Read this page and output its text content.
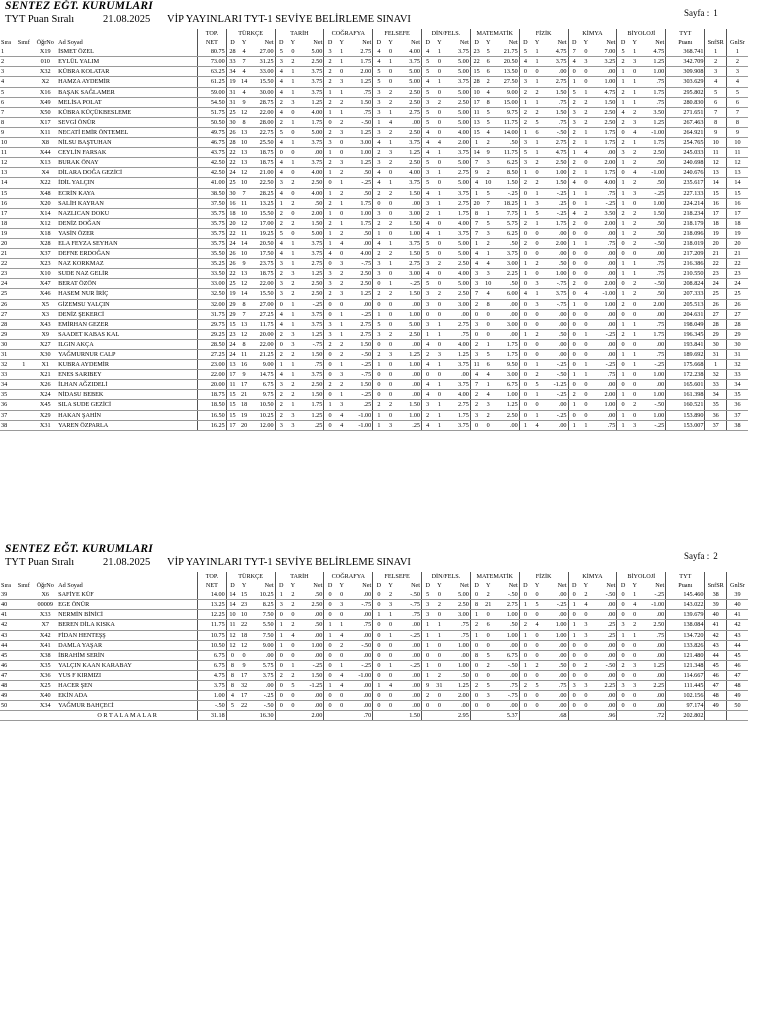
SENTEZ EĞT. KURUMLARI
TYT Puan Sıralı	21.08.2025 VİP YAYINLARI TYT-1 SEVİYE BELİRLEME SINAVI
Sayfa : 1
				TOP.	TÜRKÇE			TARİH			COĞRAFYA			FELSEFE			DİN/FELS.			MATEMATİK			FİZİK			KİMYA			BİYOLOJİ			TYT		
Sıra	Sınıf	ÖğrNo	Ad Soyad	NET	D	Y	Net	D	Y	Net	D	Y	Net	D	Y	Net	D	Y	Net	D	Y	Net	D	Y	Net	D	Y	Net	D	Y	Net	Puanı	SnfSR	GnlSr
1		X19	İSMET ÖZEL	80.75	28	4	27.00	5	0	5.00	3	1	2.75	4	0	4.00	4	1	3.75	23	5	21.75	5	1	4.75	7	0	7.00	5	1	4.75	368.741	1	1
2		010	EYLÜL YALIM	73.00	33	7	31.25	3	2	2.50	2	1	1.75	4	1	3.75	5	0	5.00	22	6	20.50	4	1	3.75	4	3	3.25	2	3	1.25	342.709	2	2
3		X32	KÜBRA KOLATAR	63.25	34	4	33.00	4	1	3.75	2	0	2.00	5	0	5.00	5	0	5.00	15	6	13.50	0	0	.00	0	0	.00	1	0	1.00	309.908	3	3
4		X2	HAMZA AYDEMİR	61.25	19	14	15.50	4	1	3.75	2	3	1.25	5	0	5.00	4	1	3.75	28	2	27.50	3	1	2.75	1	0	1.00	1	1	.75	303.629	4	4
5		X16	BAŞAK SAĞLAMER	59.00	31	4	30.00	4	1	3.75	1	1	.75	3	2	2.50	5	0	5.00	10	4	9.00	2	2	1.50	5	1	4.75	2	1	1.75	295.802	5	5
6		X49	MELİSA POLAT	54.50	31	9	28.75	2	3	1.25	2	2	1.50	3	2	2.50	3	2	2.50	17	8	15.00	1	1	.75	2	2	1.50	1	1	.75	280.830	6	6
7		X50	KÜBRA KÜÇÜKBESLEME	51.75	25	12	22.00	4	0	4.00	1	1	.75	3	1	2.75	5	0	5.00	11	5	9.75	2	2	1.50	3	2	2.50	4	2	3.50	271.651	7	7
8		X17	SEVGİ ÖNÜR	50.50	30	8	28.00	2	1	1.75	0	2	-.50	1	4	.00	5	0	5.00	13	5	11.75	2	5	.75	3	2	2.50	2	3	1.25	267.463	8	8
9		X11	NECATİ EMİR ÖNTEMEL	49.75	26	13	22.75	5	0	5.00	2	3	1.25	3	2	2.50	4	0	4.00	15	4	14.00	1	6	-.50	2	1	1.75	0	4	-1.00	264.921	9	9
10		X8	NİLSU BAŞTUHAN	46.75	28	10	25.50	4	1	3.75	3	0	3.00	4	1	3.75	4	4	2.00	1	2	.50	3	1	2.75	2	1	1.75	2	1	1.75	254.765	10	10
11		X44	CEYLİN FARSAK	43.75	22	13	18.75	0	0	.00	1	0	1.00	2	3	1.25	4	1	3.75	14	9	11.75	5	1	4.75	1	4	.00	3	2	2.50	245.033	11	11
12		X13	BURAK ÖNAY	42.50	22	13	18.75	4	1	3.75	2	3	1.25	3	2	2.50	5	0	5.00	7	3	6.25	3	2	2.50	2	0	2.00	1	2	.50	240.698	12	12
13		X4	DİLARA DOĞA GEZİCİ	42.50	24	12	21.00	4	0	4.00	1	2	.50	4	0	4.00	3	1	2.75	9	2	8.50	1	0	1.00	2	1	1.75	0	4	-1.00	240.676	13	13
14		X22	İDİL YALÇIN	41.00	25	10	22.50	3	2	2.50	0	1	-.25	4	1	3.75	5	0	5.00	4	10	1.50	2	2	1.50	4	0	4.00	1	2	.50	235.617	14	14
15		X48	ECRİN KAYA	38.50	30	7	28.25	4	0	4.00	1	2	.50	2	2	1.50	4	1	3.75	1	5	-.25	0	1	-.25	1	1	.75	1	3	-.25	227.133	15	15
16		X20	SALİH KAYRAN	37.50	16	11	13.25	1	2	.50	2	1	1.75	0	0	.00	3	1	2.75	20	7	18.25	1	3	.25	0	1	-.25	1	0	1.00	224.214	16	16
17		X14	NAZLICAN DOKU	35.75	18	10	15.50	2	0	2.00	1	0	1.00	3	0	3.00	2	1	1.75	8	1	7.75	1	5	-.25	4	2	3.50	2	2	1.50	218.234	17	17
18		X12	DENİZ DOĞAN	35.75	20	12	17.00	2	2	1.50	2	1	1.75	2	2	1.50	4	0	4.00	7	5	5.75	2	1	1.75	2	0	2.00	1	2	.50	218.179	18	18
19		X18	YASİN ÖZER	35.75	22	11	19.25	5	0	5.00	1	2	.50	1	0	1.00	4	1	3.75	7	3	6.25	0	0	.00	0	0	.00	1	2	.50	218.096	19	19
20		X28	ELA FEYZA SEYHAN	35.75	24	14	20.50	4	1	3.75	1	4	.00	4	1	3.75	5	0	5.00	1	2	.50	2	0	2.00	1	1	.75	0	2	-.50	218.019	20	20
21		X37	DEFNE ERDOĞAN	35.50	26	10	17.50	4	1	3.75	4	0	4.00	2	2	1.50	5	0	5.00	4	1	3.75	0	0	.00	0	0	.00	0	0	.00	217.209	21	21
22		X23	NAZ KORKMAZ	35.25	26	9	23.75	3	1	2.75	0	3	-.75	3	1	2.75	3	2	2.50	4	4	3.00	1	2	.50	0	0	.00	1	1	.75	216.386	22	22
23		X10	SUDE NAZ GELİR	33.50	22	13	18.75	2	3	1.25	3	2	2.50	3	0	3.00	4	0	4.00	3	3	2.25	1	0	1.00	0	0	.00	1	1	.75	210.550	23	23
24		X47	BERAT ÖZÖN	33.00	25	12	22.00	3	2	2.50	3	2	2.50	0	1	-.25	5	0	5.00	3	10	.50	0	3	-.75	2	0	2.00	0	2	-.50	208.824	24	24
25		X46	HASEM NUR İRİÇ	32.50	19	14	15.50	3	2	2.50	2	3	1.25	2	2	1.50	3	2	2.50	7	4	6.00	4	1	3.75	0	4	-1.00	1	2	.50	207.333	25	25
26		X5	GİZEMSU YALÇIN	32.00	29	8	27.00	0	1	-.25	0	0	.00	0	0	.00	3	0	3.00	2	8	.00	0	3	-.75	1	0	1.00	2	0	2.00	205.513	26	26
27		X3	DENİZ ŞEKERCİ	31.75	29	7	27.25	4	1	3.75	0	1	-.25	1	0	1.00	0	0	.00	0	0	.00	0	0	.00	0	0	.00	0	0	.00	204.631	27	27
28		X43	EMİRHAN GEZER	29.75	15	13	11.75	4	1	3.75	3	1	2.75	5	0	5.00	3	1	2.75	3	0	3.00	0	0	.00	0	0	.00	1	1	.75	198.049	28	28
29		X9	SAADET KABAS KAL	29.25	23	12	20.00	2	3	1.25	3	1	2.75	3	2	2.50	1	1	.75	0	0	.00	1	2	.50	0	1	-.25	2	1	1.75	196.345	29	29
30		X27	ILGIN AKÇA	28.50	24	8	22.00	0	3	-.75	2	2	1.50	0	0	.00	4	0	4.00	2	1	1.75	0	0	.00	0	0	.00	0	0	.00	193.841	30	30
31		X30	YAĞMURNUR CALP	27.25	24	11	21.25	2	2	1.50	0	2	-.50	2	3	1.25	2	3	1.25	3	5	1.75	0	0	.00	0	0	.00	1	1	.75	189.692	31	31
32	1	X1	KUBRA AYDEMİR	23.00	13	16	9.00	1	1	.75	0	1	-.25	1	0	1.00	4	1	3.75	11	6	9.50	0	1	-.25	0	1	-.25	0	1	-.25	175.668	1	32
33		X21	ENES SARIBEY	22.00	17	9	14.75	4	1	3.75	0	3	-.75	0	0	.00	0	0	.00	4	4	3.00	0	2	-.50	1	1	.75	1	0	1.00	172.238	32	33
34		X26	İLHAN AĞZIDELİ	20.00	11	17	6.75	3	2	2.50	2	2	1.50	0	0	.00	4	1	3.75	7	1	6.75	0	5	-1.25	0	0	.00	0	0	.00	165.601	33	34
35		X24	NİDASU BEBEK	18.75	15	21	9.75	2	2	1.50	0	1	-.25	0	0	.00	4	0	4.00	2	4	1.00	0	1	-.25	2	0	2.00	1	0	1.00	161.398	34	35
36		X45	SILA SUDE GEZİCİ	18.50	15	18	10.50	2	1	1.75	1	3	.25	2	2	1.50	3	1	2.75	2	3	1.25	0	0	.00	1	0	1.00	0	2	-.50	160.521	35	36
37		X29	HAKAN ŞAHİN	16.50	15	19	10.25	2	3	1.25	0	4	-1.00	1	0	1.00	2	1	1.75	3	2	2.50	0	1	-.25	0	0	.00	1	0	1.00	153.890	36	37
38		X31	YAREN ÖZPARLA	16.25	17	20	12.00	3	3	.25	0	4	-1.00	1	3	.25	4	1	3.75	0	0	.00	1	4	.00	1	1	.75	1	3	-.25	153.007	37	38
SENTEZ EĞT. KURUMLARI
TYT Puan Sıralı	21.08.2025 VİP YAYINLARI TYT-1 SEVİYE BELİRLEME SINAVI
Sayfa : 2
				TOP.	TÜRKÇE			TARİH			COĞRAFYA			FELSEFE			DİN/FELS.			MATEMATİK			FİZİK			KİMYA			BİYOLOJİ			TYT		
Sıra	Sınıf	ÖğrNo	Ad Soyad	NET	D	Y	Net	D	Y	Net	D	Y	Net	D	Y	Net	D	Y	Net	D	Y	Net	D	Y	Net	D	Y	Net	D	Y	Net	Puanı	SnfSR	GnlSr
39		X6	SAFİYE KÜF	14.00	14	15	10.25	1	2	.50	0	0	.00	0	2	-.50	5	0	5.00	0	2	-.50	0	0	.00	0	2	-.50	0	1	-.25	145.460	38	39
40		00009	EGE ÖNÜR	13.25	14	23	8.25	3	2	2.50	0	3	-.75	0	3	-.75	3	2	2.50	8	21	2.75	1	5	-.25	1	4	.00	0	4	-1.00	143.022	39	40
41		X33	NERMİN BİNİCİ	12.25	10	10	7.50	0	0	.00	0	0	.00	1	1	.75	3	0	3.00	1	0	1.00	0	0	.00	0	0	.00	0	0	.00	139.679	40	41
42		X7	BEREN DİLA KISKA	11.75	11	22	5.50	1	2	.50	1	1	.75	0	0	.00	1	1	.75	2	6	.50	2	4	1.00	1	3	.25	3	2	2.50	138.084	41	42
43		X42	FİDAN HENTEŞŞ	10.75	12	18	7.50	1	4	.00	1	4	.00	0	1	-.25	1	1	.75	1	0	1.00	1	0	1.00	1	3	.25	1	1	.75	134.720	42	43
44		X41	DAMLA YAŞAR	10.50	12	12	9.00	1	0	1.00	0	2	-.50	0	0	.00	1	0	1.00	0	0	.00	0	0	.00	0	0	.00	0	0	.00	133.826	43	44
45		X38	İBRAHİM SERİN	6.75	0	0	.00	0	0	.00	0	0	.00	0	0	.00	0	0	.00	8	5	6.75	0	0	.00	0	0	.00	0	0	.00	121.480	44	45
46		X35	YALÇIN KAAN KARABAY	6.75	8	9	5.75	0	1	-.25	0	1	-.25	0	1	-.25	1	0	1.00	0	2	-.50	1	2	.50	0	2	-.50	2	3	1.25	121.348	45	46
47		X36	YUS F KIRMIZI	4.75	8	17	3.75	2	2	1.50	0	4	-1.00	0	0	.00	1	2	.50	0	0	.00	0	0	.00	0	0	.00	0	0	.00	114.667	46	47
48		X25	HACER ŞEN	3.75	8	32	.00	0	5	-1.25	1	4	.00	1	4	.00	9	31	1.25	2	5	.75	2	5	.75	3	3	2.25	3	3	2.25	111.445	47	48
49		X40	EKİN ADA	1.00	4	17	-.25	0	0	.00	0	0	.00	0	0	.00	2	0	2.00	0	3	-.75	0	0	.00	0	0	.00	0	0	.00	102.156	48	49
50		X34	YAĞMUR BAHÇECİ	-.50	5	22	-.50	0	0	.00	0	0	.00	0	0	.00	0	0	.00	0	0	.00	0	0	.00	0	0	.00	0	0	.00	97.174	49	50
			O R T A L A M A L A R	31.18			16.30			2.00			.70			1.50			2.95			5.37			.68			.96			.72	202.802		
